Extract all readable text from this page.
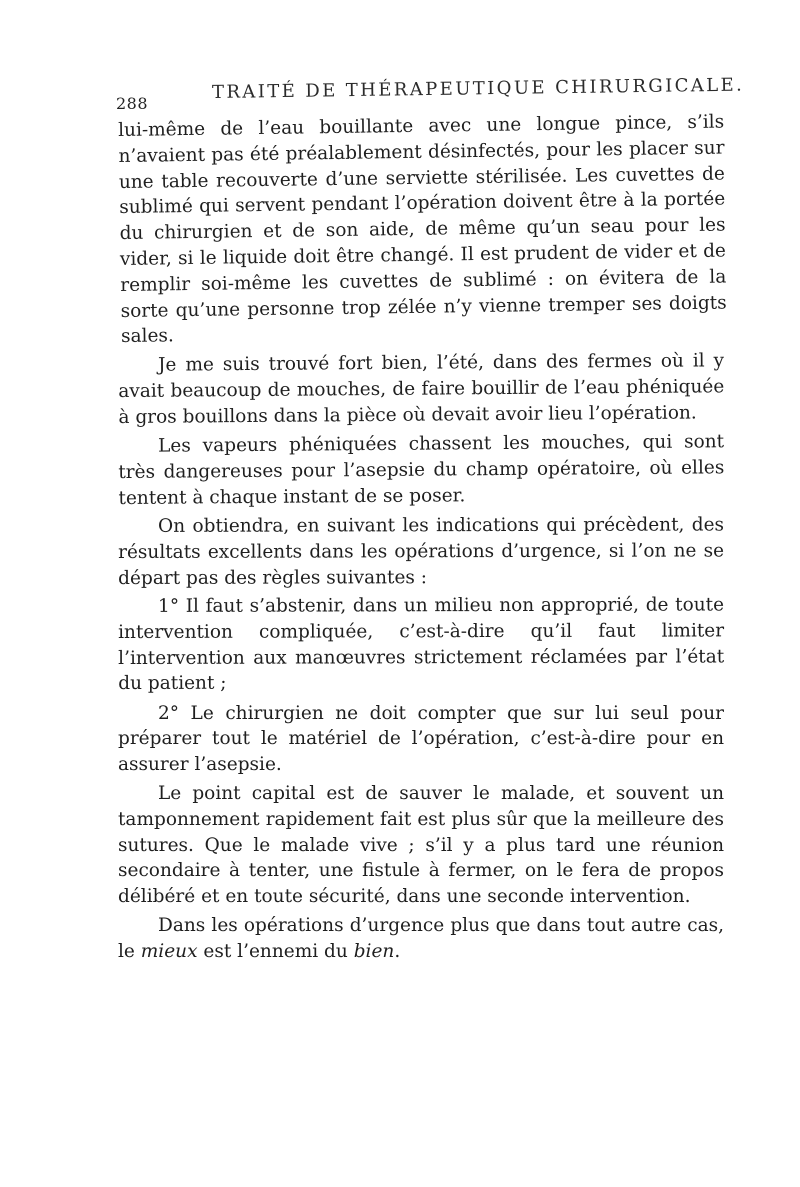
288
TRAITÉ DE THÉRAPEUTIQUE CHIRURGICALE.

lui-même de l’eau bouillante avec une longue pince, s’ils n’avaient pas été préalablement désinfectés, pour les placer sur une table recouverte d’une serviette stérilisée. Les cuvettes de sublimé qui servent pendant l’opération doivent être à la portée du chirurgien et de son aide, de même qu’un seau pour les vider, si le liquide doit être changé. Il est prudent de vider et de remplir soi-même les cuvettes de sublimé : on évitera de la sorte qu’une personne trop zélée n’y vienne tremper ses doigts sales.

Je me suis trouvé fort bien, l’été, dans des fermes où il y avait beaucoup de mouches, de faire bouillir de l’eau phéniquée à gros bouillons dans la pièce où devait avoir lieu l’opération.

Les vapeurs phéniquées chassent les mouches, qui sont très dangereuses pour l’asepsie du champ opératoire, où elles tentent à chaque instant de se poser.

On obtiendra, en suivant les indications qui précèdent, des résultats excellents dans les opérations d’urgence, si l’on ne se départ pas des règles suivantes :

1° Il faut s’abstenir, dans un milieu non approprié, de toute intervention compliquée, c’est-à-dire qu’il faut limiter l’intervention aux manœuvres strictement réclamées par l’état du patient ;

2° Le chirurgien ne doit compter que sur lui seul pour préparer tout le matériel de l’opération, c’est-à-dire pour en assurer l’asepsie.

Le point capital est de sauver le malade, et souvent un tamponnement rapidement fait est plus sûr que la meilleure des sutures. Que le malade vive ; s’il y a plus tard une réunion secondaire à tenter, une fistule à fermer, on le fera de propos délibéré et en toute sécurité, dans une seconde intervention.

Dans les opérations d’urgence plus que dans tout autre cas, le mieux est l’ennemi du bien.
